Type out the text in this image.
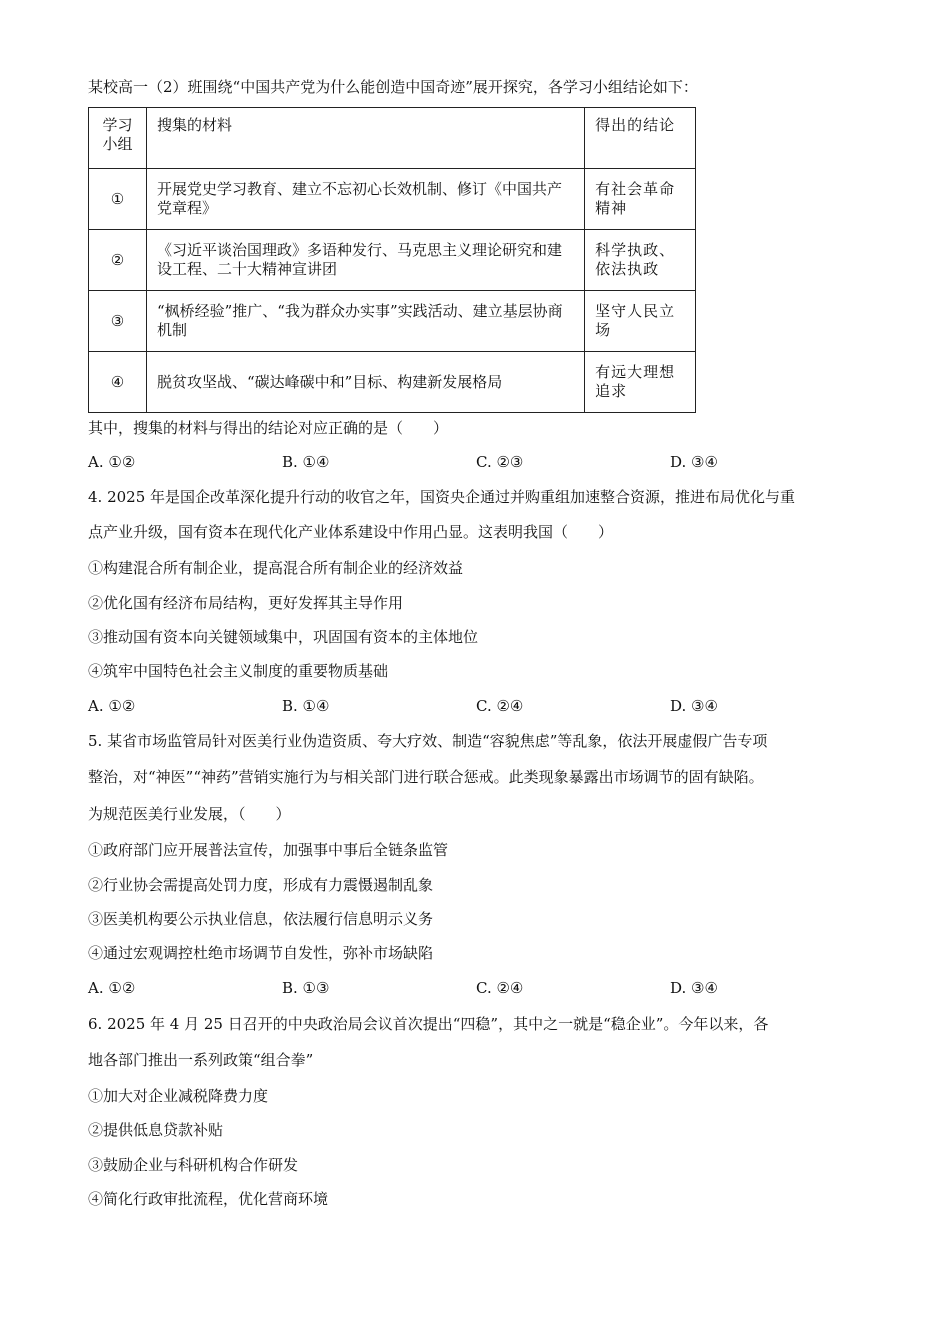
某校高一（2）班围绕“中国共产党为什么能创造中国奇迹”展开探究，各学习小组结论如下：
学习小组	搜集的材料	得出的结论
①	开展党史学习教育、建立不忘初心长效机制、修订《中国共产党章程》	有社会革命精神
②	《习近平谈治国理政》多语种发行、马克思主义理论研究和建设工程、二十大精神宣讲团	科学执政、依法执政
③	“枫桥经验”推广、“我为群众办实事”实践活动、建立基层协商机制	坚守人民立场
④	脱贫攻坚战、“碳达峰碳中和”目标、构建新发展格局	有远大理想追求
其中，搜集的材料与得出的结论对应正确的是（　　）
A. ①②	B. ①④	C. ②③	D. ③④
4. 2025 年是国企改革深化提升行动的收官之年，国资央企通过并购重组加速整合资源，推进布局优化与重
点产业升级，国有资本在现代化产业体系建设中作用凸显。这表明我国（　　）
①构建混合所有制企业，提高混合所有制企业的经济效益
②优化国有经济布局结构，更好发挥其主导作用
③推动国有资本向关键领域集中，巩固国有资本的主体地位
④筑牢中国特色社会主义制度的重要物质基础
A. ①②	B. ①④	C. ②④	D. ③④
5. 某省市场监管局针对医美行业伪造资质、夸大疗效、制造“容貌焦虑”等乱象，依法开展虚假广告专项
整治，对“神医”“神药”营销实施行为与相关部门进行联合惩戒。此类现象暴露出市场调节的固有缺陷。
为规范医美行业发展，（　　）
①政府部门应开展普法宣传，加强事中事后全链条监管
②行业协会需提高处罚力度，形成有力震慑遏制乱象
③医美机构要公示执业信息，依法履行信息明示义务
④通过宏观调控杜绝市场调节自发性，弥补市场缺陷
A. ①②	B. ①③	C. ②④	D. ③④
6. 2025 年 4 月 25 日召开的中央政治局会议首次提出“四稳”，其中之一就是“稳企业”。今年以来，各
地各部门推出一系列政策“组合拳”
①加大对企业减税降费力度
②提供低息贷款补贴
③鼓励企业与科研机构合作研发
④简化行政审批流程，优化营商环境
